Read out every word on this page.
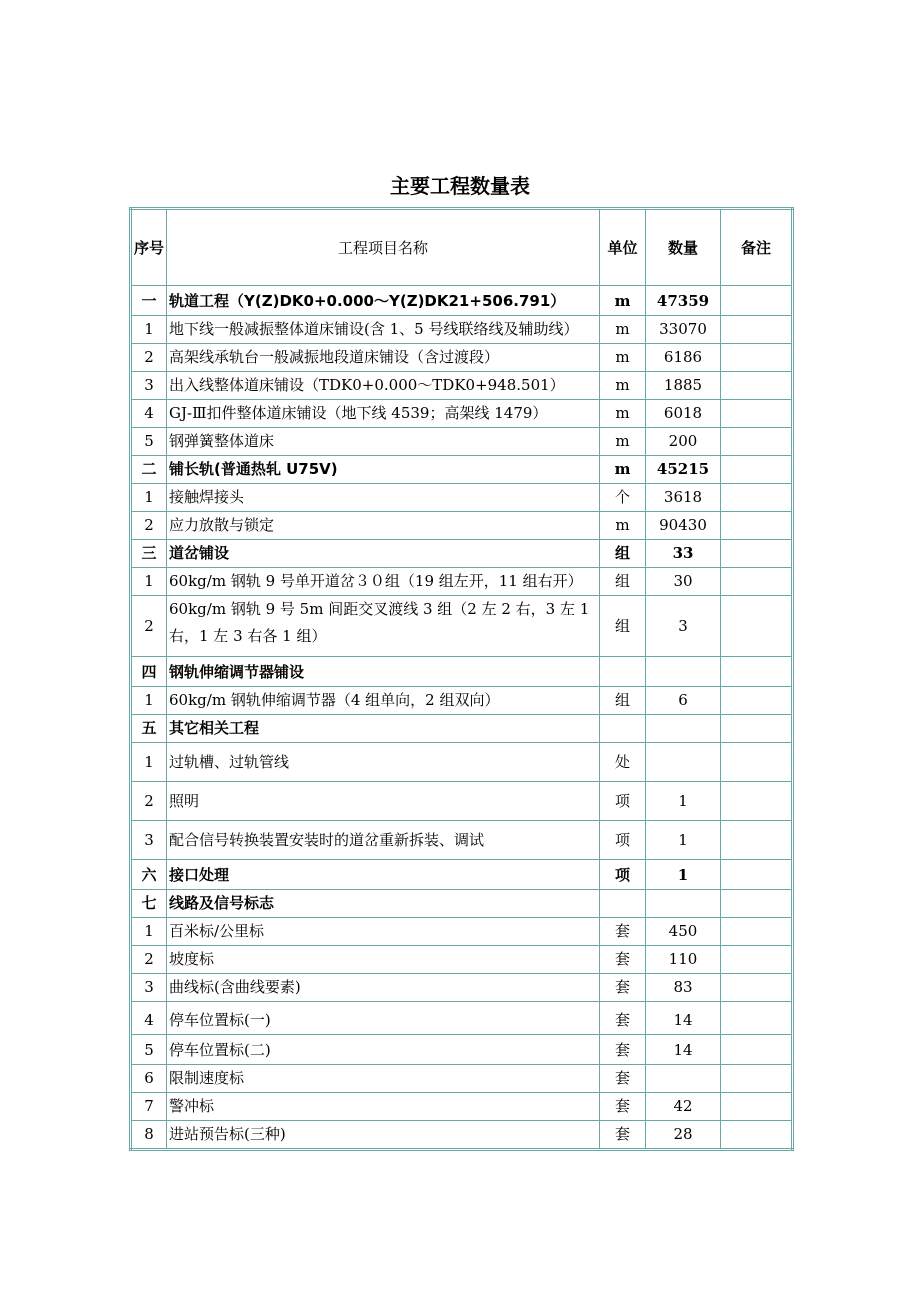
主要工程数量表
序号	工程项目名称	单位	数量	备注
一	轨道工程（Y(Z)DK0+0.000～Y(Z)DK21+506.791）	m	47359	
1	地下线一般减振整体道床铺设(含 1、5 号线联络线及辅助线）	m	33070	
2	高架线承轨台一般减振地段道床铺设（含过渡段）	m	6186	
3	出入线整体道床铺设（TDK0+0.000～TDK0+948.501）	m	1885	
4	GJ-Ⅲ扣件整体道床铺设（地下线 4539；高架线 1479）	m	6018	
5	钢弹簧整体道床	m	200	
二	铺长轨(普通热轧 U75V)	m	45215	
1	接触焊接头	个	3618	
2	应力放散与锁定	m	90430	
三	道岔铺设	组	33	
1	60kg/m 钢轨 9 号单开道岔３０组（19 组左开，11 组右开）	组	30	
2	60kg/m 钢轨 9 号 5m 间距交叉渡线 3 组（2 左 2 右，3 左 1 右，1 左 3 右各 1 组）	组	3	
四	钢轨伸缩调节器铺设			
1	60kg/m 钢轨伸缩调节器（4 组单向，2 组双向）	组	6	
五	其它相关工程			
1	过轨槽、过轨管线	处		
2	照明	项	1	
3	配合信号转换装置安装时的道岔重新拆装、调试	项	1	
六	接口处理	项	1	
七	线路及信号标志			
1	百米标/公里标	套	450	
2	坡度标	套	110	
3	曲线标(含曲线要素)	套	83	
4	停车位置标(一)	套	14	
5	停车位置标(二)	套	14	
6	限制速度标	套		
7	警冲标	套	42	
8	进站预告标(三种)	套	28	
